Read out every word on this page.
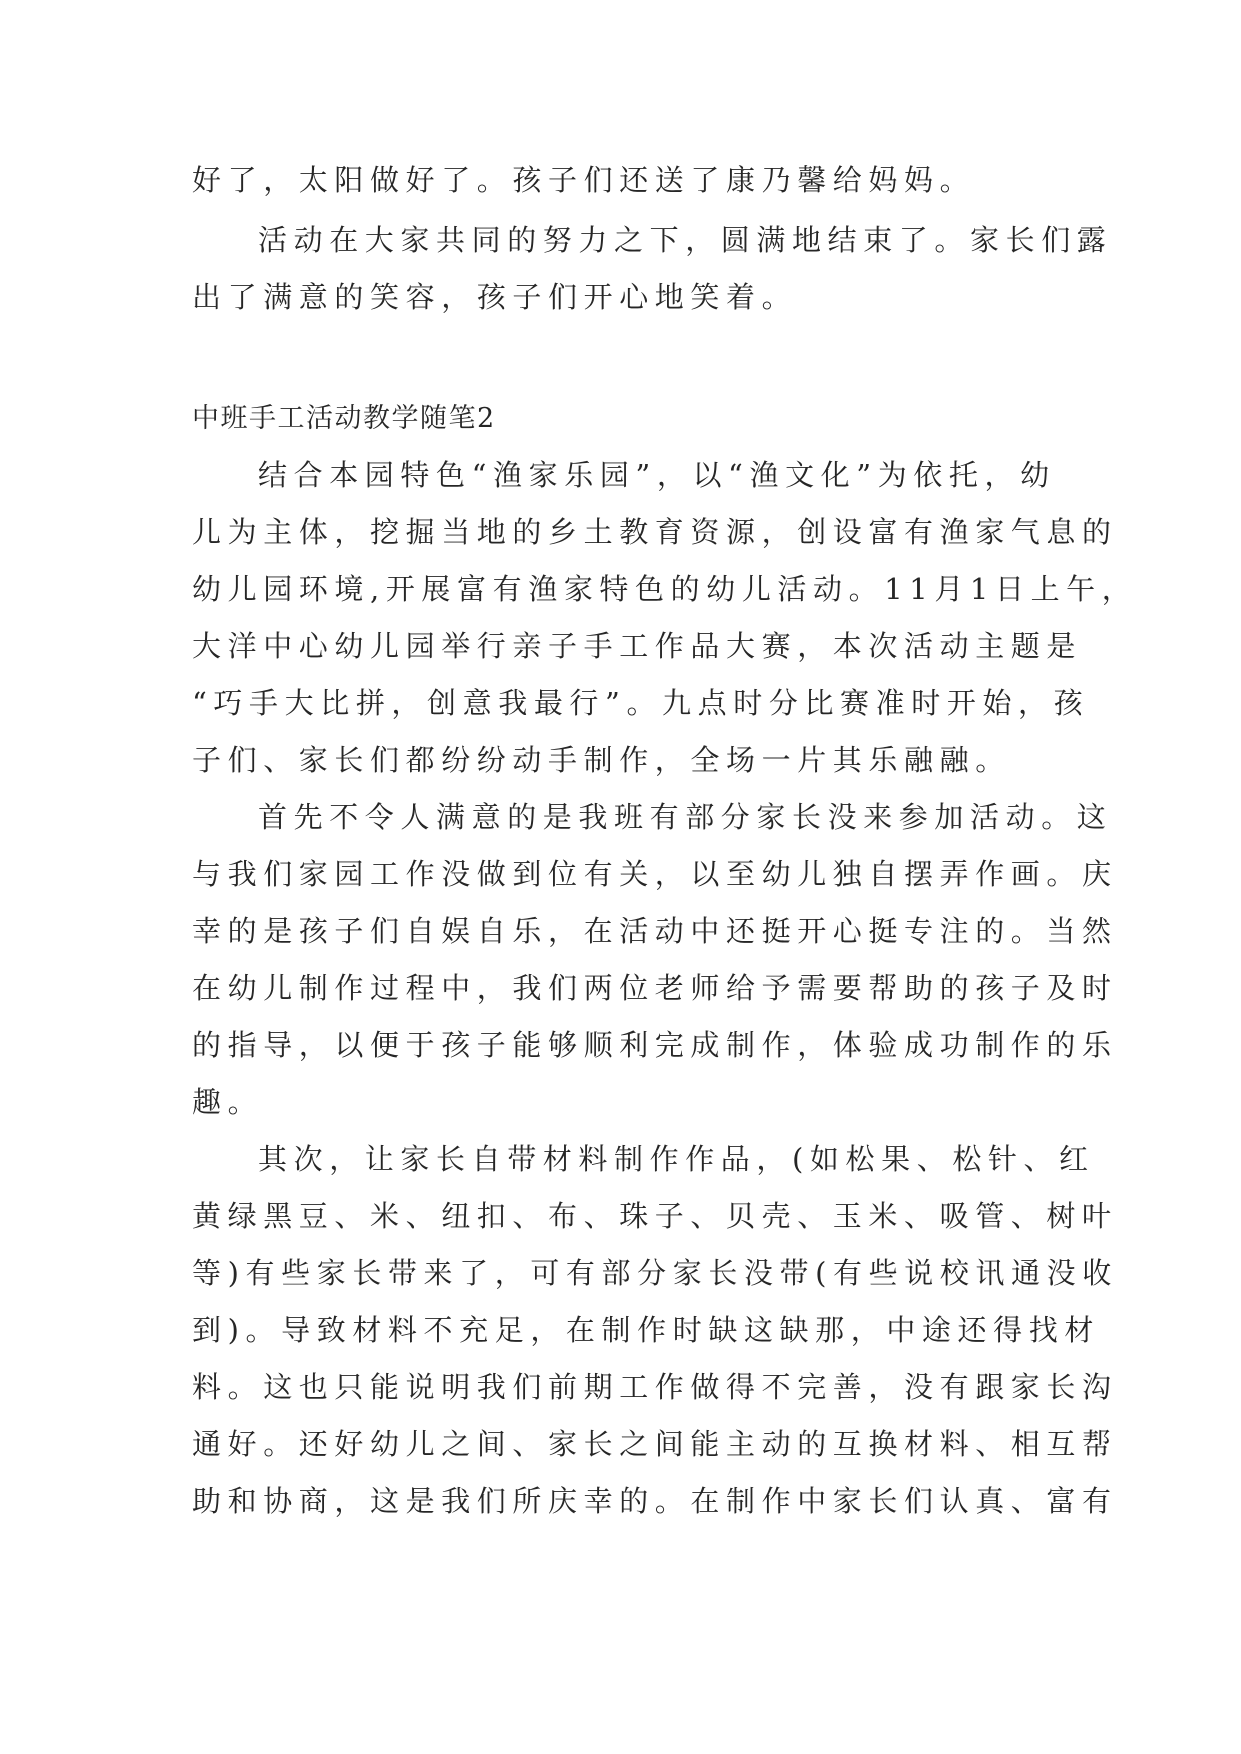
好了，太阳做好了。孩子们还送了康乃馨给妈妈。
活动在大家共同的努力之下，圆满地结束了。家长们露
出了满意的笑容，孩子们开心地笑着。
中班手工活动教学随笔2
结合本园特色“渔家乐园”，以“渔文化”为依托，幼
儿为主体，挖掘当地的乡土教育资源，创设富有渔家气息的
幼儿园环境,开展富有渔家特色的幼儿活动。11月1日上午，
大洋中心幼儿园举行亲子手工作品大赛，本次活动主题是
“巧手大比拼，创意我最行”。九点时分比赛准时开始，孩
子们、家长们都纷纷动手制作，全场一片其乐融融。
首先不令人满意的是我班有部分家长没来参加活动。这
与我们家园工作没做到位有关，以至幼儿独自摆弄作画。庆
幸的是孩子们自娱自乐，在活动中还挺开心挺专注的。当然
在幼儿制作过程中，我们两位老师给予需要帮助的孩子及时
的指导，以便于孩子能够顺利完成制作，体验成功制作的乐
趣。
其次，让家长自带材料制作作品，(如松果、松针、红
黄绿黑豆、米、纽扣、布、珠子、贝壳、玉米、吸管、树叶
等)有些家长带来了，可有部分家长没带(有些说校讯通没收
到)。导致材料不充足，在制作时缺这缺那，中途还得找材
料。这也只能说明我们前期工作做得不完善，没有跟家长沟
通好。还好幼儿之间、家长之间能主动的互换材料、相互帮
助和协商，这是我们所庆幸的。在制作中家长们认真、富有
